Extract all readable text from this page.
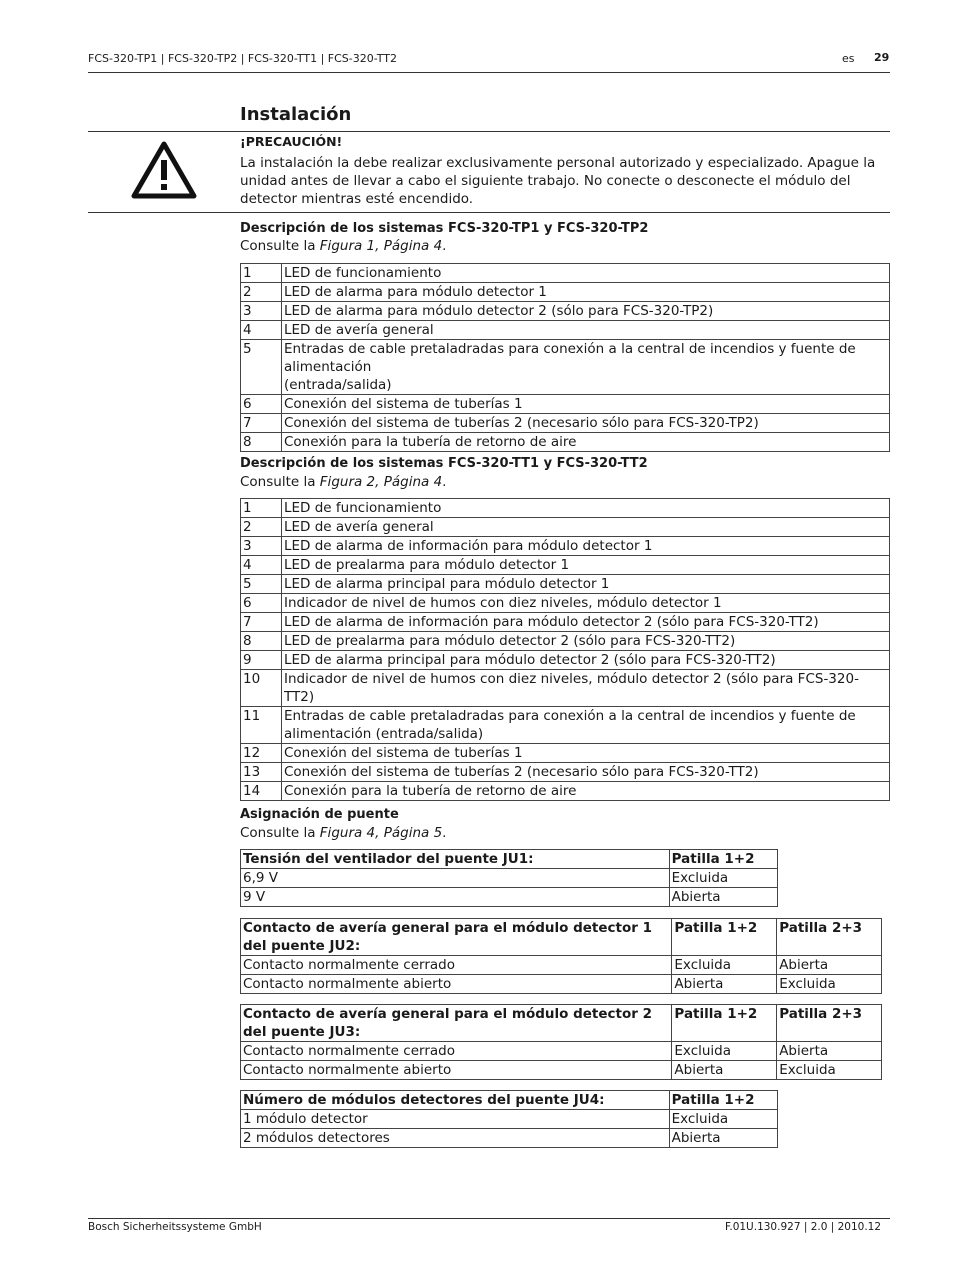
FCS-320-TP1 | FCS-320-TP2 | FCS-320-TT1 | FCS-320-TT2	es 29
Instalación
¡PRECAUCIÓN!
La instalación la debe realizar exclusivamente personal autorizado y especializado. Apague la unidad antes de llevar a cabo el siguiente trabajo. No conecte o desconecte el módulo del detector mientras esté encendido.
Descripción de los sistemas FCS-320-TP1 y FCS-320-TP2
Consulte la Figura 1, Página 4.
1	LED de funcionamiento
2	LED de alarma para módulo detector 1
3	LED de alarma para módulo detector 2 (sólo para FCS-320-TP2)
4	LED de avería general
5	Entradas de cable pretaladradas para conexión a la central de incendios y fuente de alimentación
(entrada/salida)
6	Conexión del sistema de tuberías 1
7	Conexión del sistema de tuberías 2 (necesario sólo para FCS-320-TP2)
8	Conexión para la tubería de retorno de aire
Descripción de los sistemas FCS-320-TT1 y FCS-320-TT2
Consulte la Figura 2, Página 4.
1	LED de funcionamiento
2	LED de avería general
3	LED de alarma de información para módulo detector 1
4	LED de prealarma para módulo detector 1
5	LED de alarma principal para módulo detector 1
6	Indicador de nivel de humos con diez niveles, módulo detector 1
7	LED de alarma de información para módulo detector 2 (sólo para FCS-320-TT2)
8	LED de prealarma para módulo detector 2 (sólo para FCS-320-TT2)
9	LED de alarma principal para módulo detector 2 (sólo para FCS-320-TT2)
10	Indicador de nivel de humos con diez niveles, módulo detector 2 (sólo para FCS-320-TT2)
11	Entradas de cable pretaladradas para conexión a la central de incendios y fuente de alimentación (entrada/salida)
12	Conexión del sistema de tuberías 1
13	Conexión del sistema de tuberías 2 (necesario sólo para FCS-320-TT2)
14	Conexión para la tubería de retorno de aire
Asignación de puente
Consulte la Figura 4, Página 5.
Tensión del ventilador del puente JU1:	Patilla 1+2
6,9 V	Excluida
9 V	Abierta
Contacto de avería general para el módulo detector 1 del puente JU2:	Patilla 1+2	Patilla 2+3
Contacto normalmente cerrado	Excluida	Abierta
Contacto normalmente abierto	Abierta	Excluida
Contacto de avería general para el módulo detector 2 del puente JU3:	Patilla 1+2	Patilla 2+3
Contacto normalmente cerrado	Excluida	Abierta
Contacto normalmente abierto	Abierta	Excluida
Número de módulos detectores del puente JU4:	Patilla 1+2
1 módulo detector	Excluida
2 módulos detectores	Abierta
Bosch Sicherheitssysteme GmbH	F.01U.130.927 | 2.0 | 2010.12
